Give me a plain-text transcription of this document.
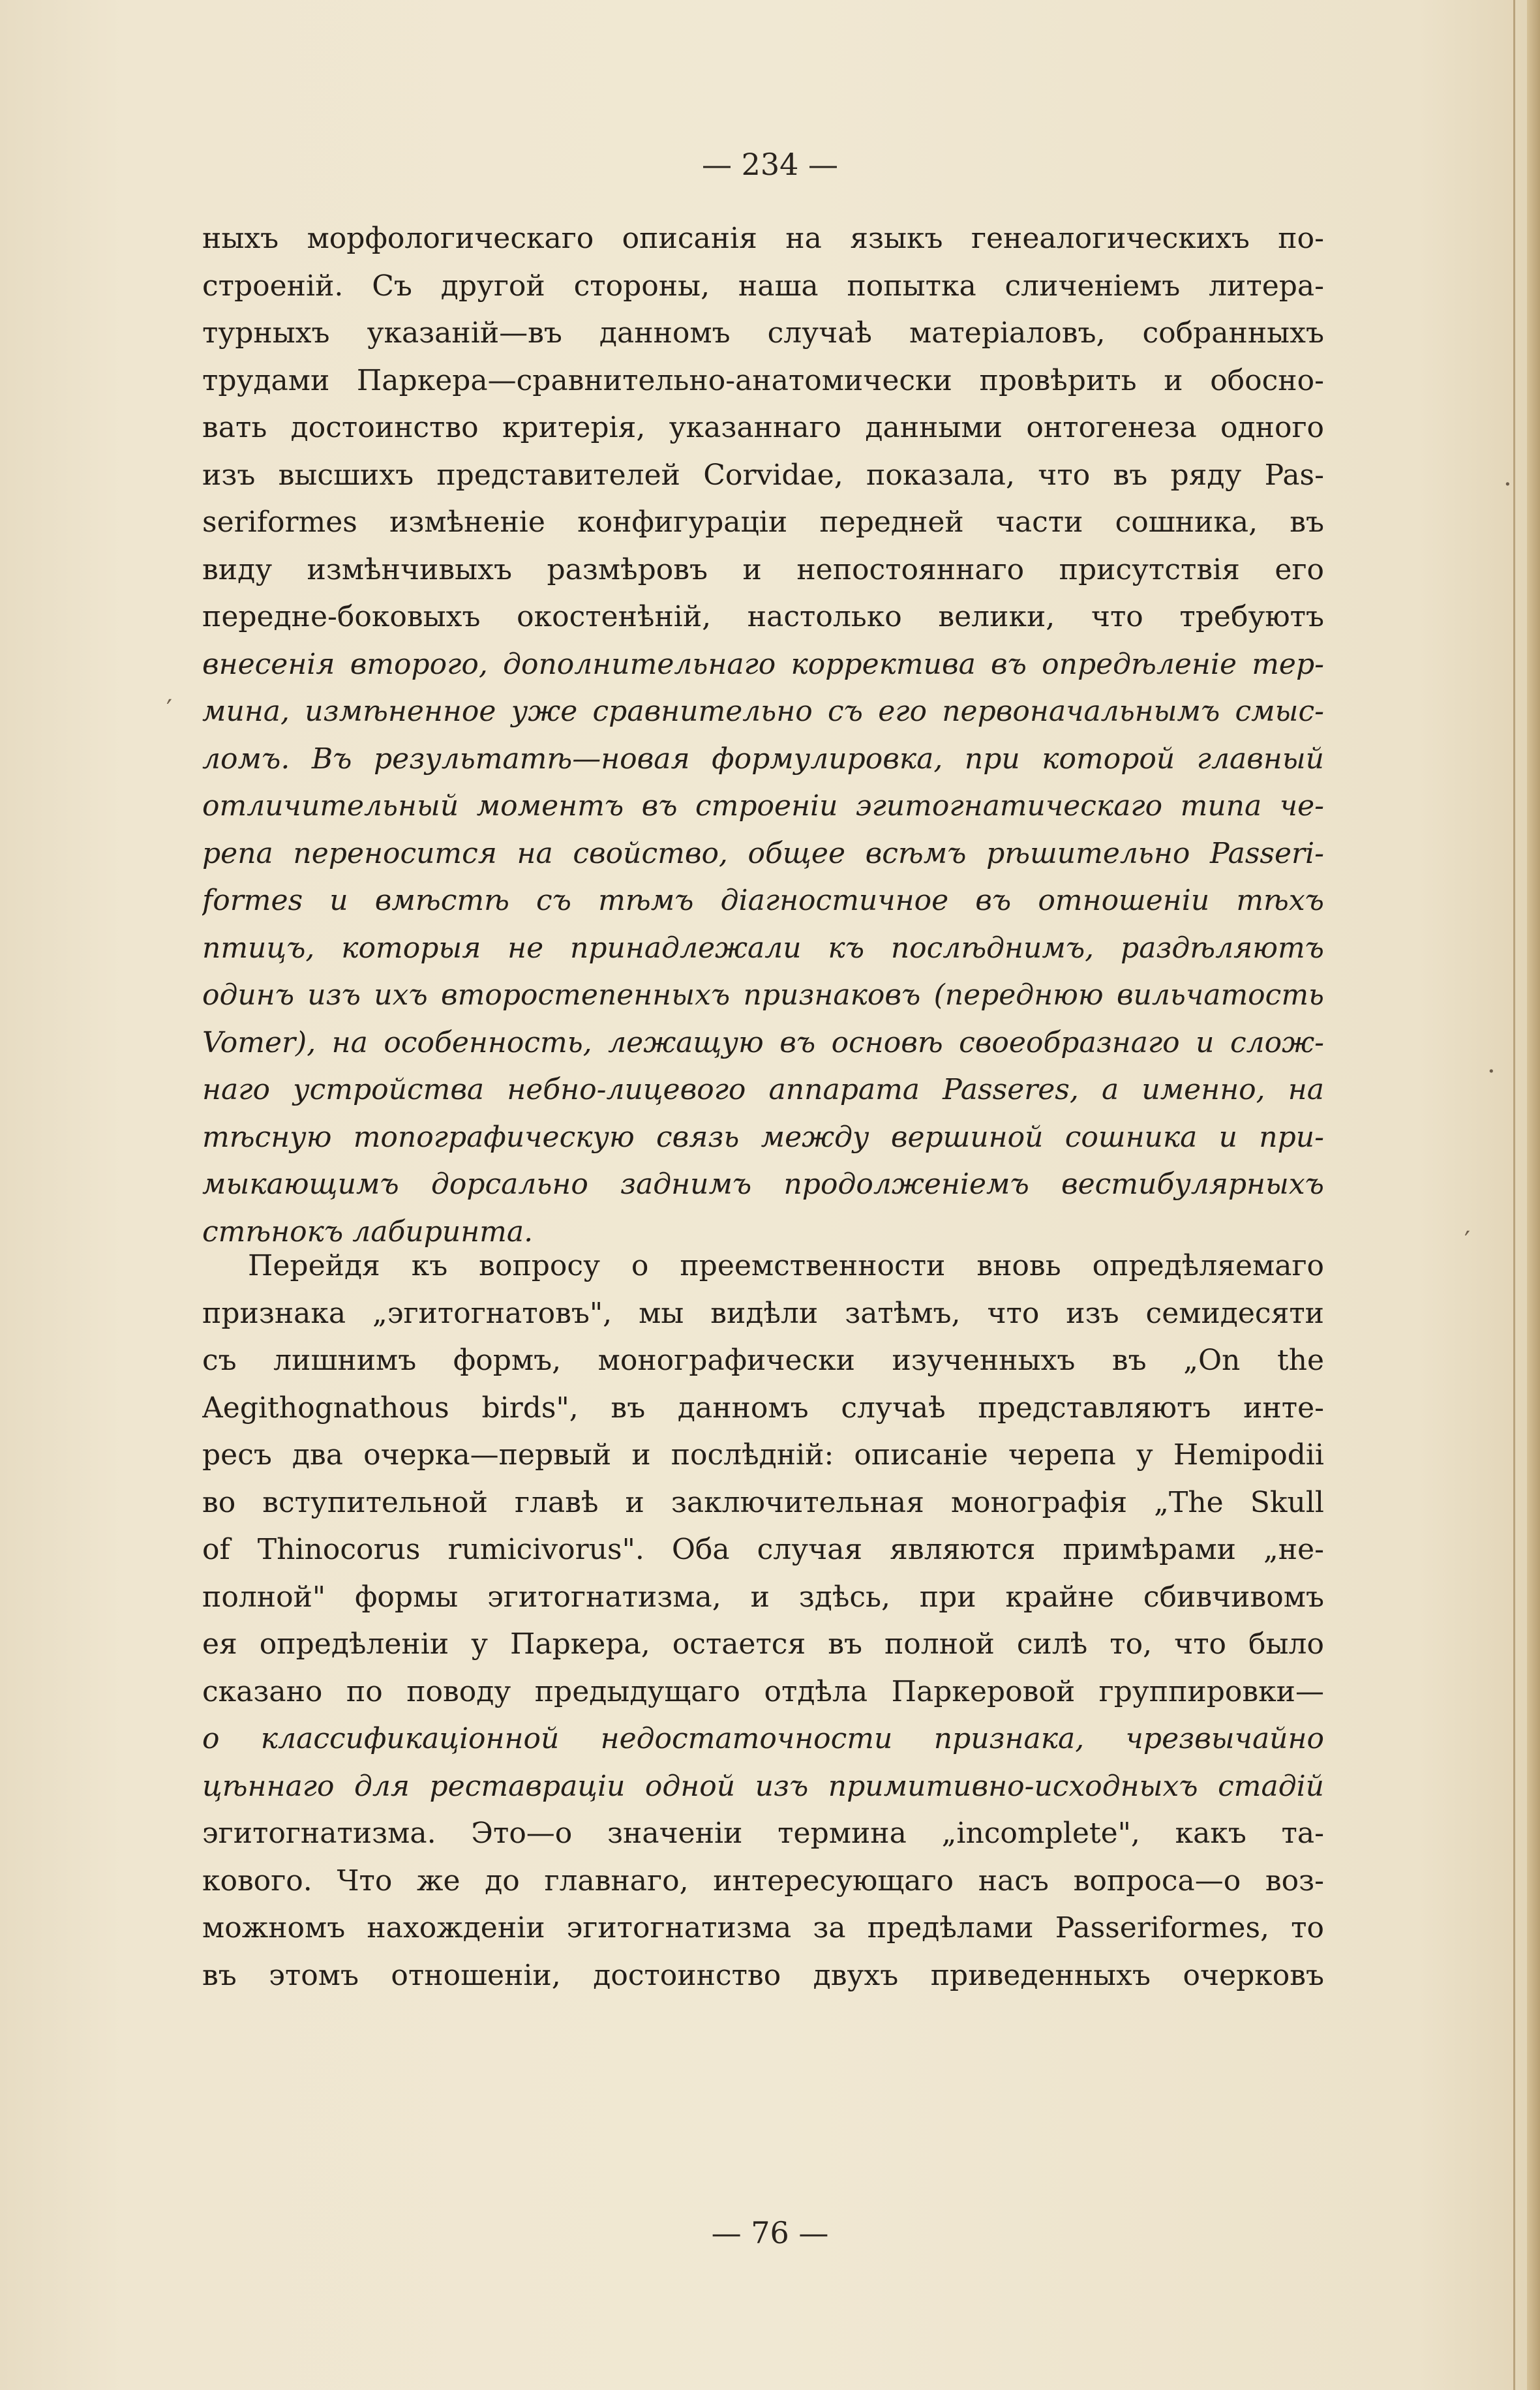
— 234 —
ныхъ морфологическаго описанія на языкъ генеалогическихъ по-
строеній. Съ другой стороны, наша попытка сличеніемъ литера-
турныхъ указаній—въ данномъ случаѣ матеріаловъ, собранныхъ
трудами Паркера—сравнительно-анатомически провѣрить и обосно-
вать достоинство критерія, указаннаго данными онтогенеза одного
изъ высшихъ представителей Corvidae, показала, что въ ряду Pas-
seriformes измѣненіе конфигураціи передней части сошника, въ
виду измѣнчивыхъ размѣровъ и непостояннаго присутствія его
передне-боковыхъ окостенѣній, настолько велики, что требуютъ
внесенія второго, дополнительнаго корректива въ опредѣленіе тер-
мина, измѣненное уже сравнительно съ его первоначальнымъ смыс-
ломъ. Въ результатѣ—новая формулировка, при которой главный
отличительный моментъ въ строеніи эгитогнатическаго типа че-
репа переносится на свойство, общее всѣмъ рѣшительно Passeri-
formes и вмѣстѣ съ тѣмъ діагностичное въ отношеніи тѣхъ
птицъ, которыя не принадлежали къ послѣднимъ, раздѣляютъ
одинъ изъ ихъ второстепенныхъ признаковъ (переднюю вильчатость
Vomer), на особенность, лежащую въ основѣ своеобразнаго и слож-
наго устройства небно-лицевого аппарата Passeres, а именно, на
тѣсную топографическую связь между вершиной сошника и при-
мыкающимъ дорсально заднимъ продолженіемъ вестибулярныхъ
стѣнокъ лабиринта.
Перейдя къ вопросу о преемственности вновь опредѣляемаго
признака „эгитогнатовъ", мы видѣли затѣмъ, что изъ семидесяти
съ лишнимъ формъ, монографически изученныхъ въ „On the
Aegithognathous birds", въ данномъ случаѣ представляютъ инте-
ресъ два очерка—первый и послѣдній: описаніе черепа у Hemipodii
во вступительной главѣ и заключительная монографія „The Skull
of Thinocorus rumicivorus". Оба случая являются примѣрами „не-
полной" формы эгитогнатизма, и здѣсь, при крайне сбивчивомъ
ея опредѣленіи у Паркера, остается въ полной силѣ то, что было
сказано по поводу предыдущаго отдѣла Паркеровой группировки—
о классификаціонной недостаточности признака, чрезвычайно
цѣннаго для реставраціи одной изъ примитивно-исходныхъ стадій
эгитогнатизма. Это—о значеніи термина „incomplete", какъ та-
кового. Что же до главнаго, интересующаго насъ вопроса—о воз-
можномъ нахожденіи эгитогнатизма за предѣлами Passeriformes, то
въ этомъ отношеніи, достоинство двухъ приведенныхъ очерковъ
— 76 —
′
·
·
′
